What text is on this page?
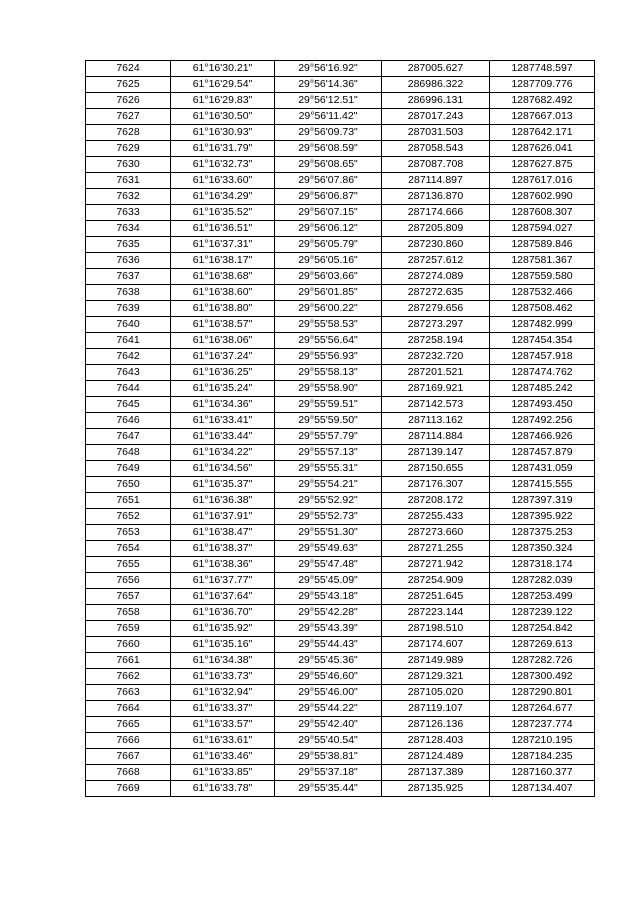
7624	61°16'30.21"	29°56'16.92"	287005.627	1287748.597
7625	61°16'29.54"	29°56'14.36"	286986.322	1287709.776
7626	61°16'29.83"	29°56'12.51"	286996.131	1287682.492
7627	61°16'30.50"	29°56'11.42"	287017.243	1287667.013
7628	61°16'30.93"	29°56'09.73"	287031.503	1287642.171
7629	61°16'31.79"	29°56'08.59"	287058.543	1287626.041
7630	61°16'32.73"	29°56'08.65"	287087.708	1287627.875
7631	61°16'33.60"	29°56'07.86"	287114.897	1287617.016
7632	61°16'34.29"	29°56'06.87"	287136.870	1287602.990
7633	61°16'35.52"	29°56'07.15"	287174.666	1287608.307
7634	61°16'36.51"	29°56'06.12"	287205.809	1287594.027
7635	61°16'37.31"	29°56'05.79"	287230.860	1287589.846
7636	61°16'38.17"	29°56'05.16"	287257.612	1287581.367
7637	61°16'38.68"	29°56'03.66"	287274.089	1287559.580
7638	61°16'38.60"	29°56'01.85"	287272.635	1287532.466
7639	61°16'38.80"	29°56'00.22"	287279.656	1287508.462
7640	61°16'38.57"	29°55'58.53"	287273.297	1287482.999
7641	61°16'38.06"	29°55'56.64"	287258.194	1287454.354
7642	61°16'37.24"	29°55'56.93"	287232.720	1287457.918
7643	61°16'36.25"	29°55'58.13"	287201.521	1287474.762
7644	61°16'35.24"	29°55'58.90"	287169.921	1287485.242
7645	61°16'34.36"	29°55'59.51"	287142.573	1287493.450
7646	61°16'33.41"	29°55'59.50"	287113.162	1287492.256
7647	61°16'33.44"	29°55'57.79"	287114.884	1287466.926
7648	61°16'34.22"	29°55'57.13"	287139.147	1287457.879
7649	61°16'34.56"	29°55'55.31"	287150.655	1287431.059
7650	61°16'35.37"	29°55'54.21"	287176.307	1287415.555
7651	61°16'36.38"	29°55'52.92"	287208.172	1287397.319
7652	61°16'37.91"	29°55'52.73"	287255.433	1287395.922
7653	61°16'38.47"	29°55'51.30"	287273.660	1287375.253
7654	61°16'38.37"	29°55'49.63"	287271.255	1287350.324
7655	61°16'38.36"	29°55'47.48"	287271.942	1287318.174
7656	61°16'37.77"	29°55'45.09"	287254.909	1287282.039
7657	61°16'37.64"	29°55'43.18"	287251.645	1287253.499
7658	61°16'36.70"	29°55'42.28"	287223.144	1287239.122
7659	61°16'35.92"	29°55'43.39"	287198.510	1287254.842
7660	61°16'35.16"	29°55'44.43"	287174.607	1287269.613
7661	61°16'34.38"	29°55'45.36"	287149.989	1287282.726
7662	61°16'33.73"	29°55'46.60"	287129.321	1287300.492
7663	61°16'32.94"	29°55'46.00"	287105.020	1287290.801
7664	61°16'33.37"	29°55'44.22"	287119.107	1287264.677
7665	61°16'33.57"	29°55'42.40"	287126.136	1287237.774
7666	61°16'33.61"	29°55'40.54"	287128.403	1287210.195
7667	61°16'33.46"	29°55'38.81"	287124.489	1287184.235
7668	61°16'33.85"	29°55'37.18"	287137.389	1287160.377
7669	61°16'33.78"	29°55'35.44"	287135.925	1287134.407
